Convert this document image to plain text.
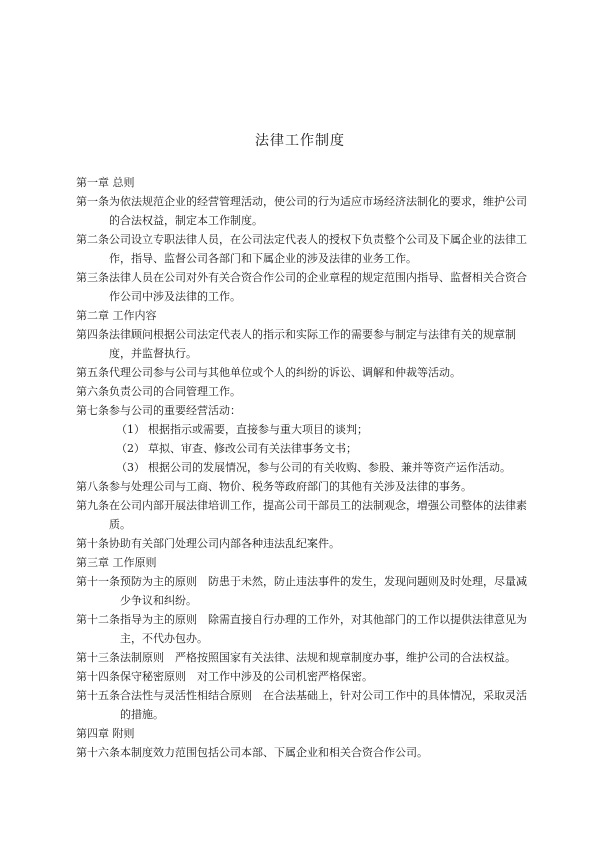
法律工作制度
第一章 总则
第一条 为依法规范企业的经营管理活动，使公司的行为适应市场经济法制化的要求，维护公司的合法权益，制定本工作制度。
第二条 公司设立专职法律人员，在公司法定代表人的授权下负责整个公司及下属企业的法律工作，指导、监督公司各部门和下属企业的涉及法律的业务工作。
第三条 法律人员在公司对外有关合资合作公司的企业章程的规定范围内指导、监督相关合资合作公司中涉及法律的工作。
第二章 工作内容
第四条 法律顾问根据公司法定代表人的指示和实际工作的需要参与制定与法律有关的规章制度，并监督执行。
第五条 代理公司参与公司与其他单位或个人的纠纷的诉讼、调解和仲裁等活动。
第六条 负责公司的合同管理工作。
第七条 参与公司的重要经营活动：
（1） 根据指示或需要，直接参与重大项目的谈判；
（2） 草拟、审查、修改公司有关法律事务文书；
（3） 根据公司的发展情况，参与公司的有关收购、参股、兼并等资产运作活动。
第八条 参与处理公司与工商、物价、税务等政府部门的其他有关涉及法律的事务。
第九条 在公司内部开展法律培训工作，提高公司干部员工的法制观念，增强公司整体的法律素质。
第十条 协助有关部门处理公司内部各种违法乱纪案件。
第三章 工作原则
第十一条 预防为主的原则　防患于未然，防止违法事件的发生，发现问题则及时处理，尽量减少争议和纠纷。
第十二条 指导为主的原则　除需直接自行办理的工作外，对其他部门的工作以提供法律意见为主，不代办包办。
第十三条 法制原则　严格按照国家有关法律、法规和规章制度办事，维护公司的合法权益。
第十四条 保守秘密原则　对工作中涉及的公司机密严格保密。
第十五条 合法性与灵活性相结合原则　在合法基础上，针对公司工作中的具体情况，采取灵活的措施。
第四章 附则
第十六条 本制度效力范围包括公司本部、下属企业和相关合资合作公司。
